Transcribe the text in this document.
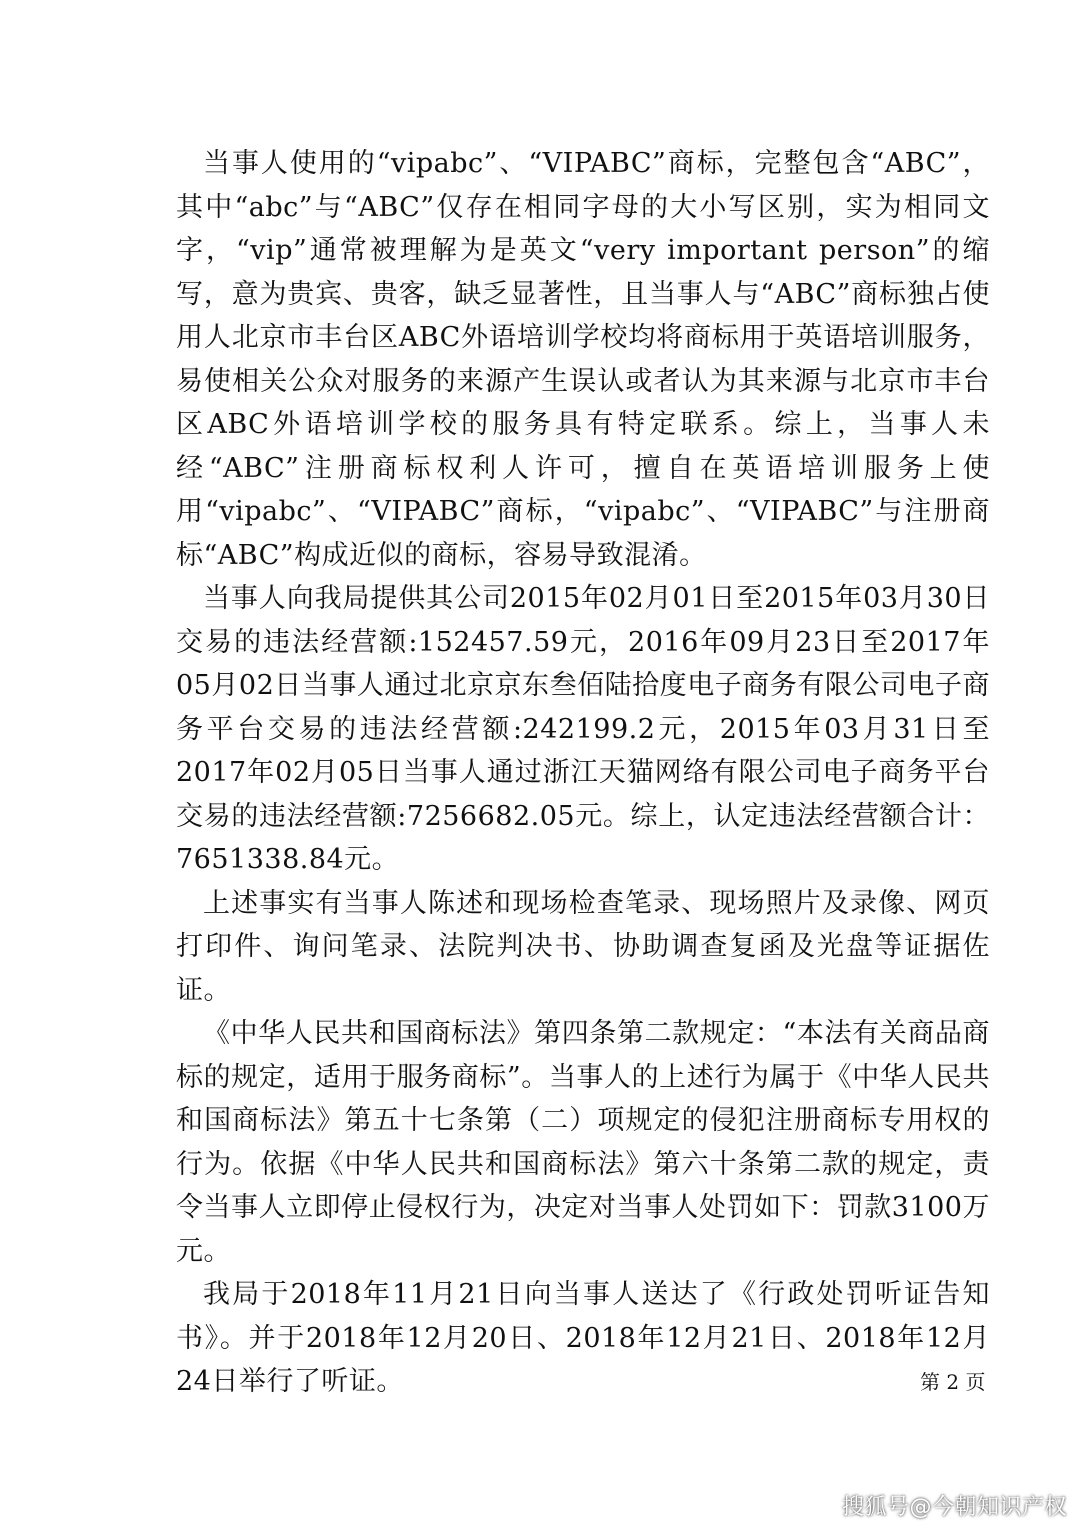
当事人使用的“vipabc”、“VIPABC”商标，完整包含“ABC”，其中“abc”与“ABC”仅存在相同字母的大小写区别，实为相同文字，“vip”通常被理解为是英文“very important person”的缩写，意为贵宾、贵客，缺乏显著性，且当事人与“ABC”商标独占使用人北京市丰台区ABC外语培训学校均将商标用于英语培训服务，易使相关公众对服务的来源产生误认或者认为其来源与北京市丰台区ABC外语培训学校的服务具有特定联系。综上，当事人未经“ABC”注册商标权利人许可，擅自在英语培训服务上使用“vipabc”、“VIPABC”商标，“vipabc”、“VIPABC”与注册商标“ABC”构成近似的商标，容易导致混淆。

当事人向我局提供其公司2015年02月01日至2015年03月30日交易的违法经营额:152457.59元，2016年09月23日至2017年05月02日当事人通过北京京东叁佰陆拾度电子商务有限公司电子商务平台交易的违法经营额:242199.2元，2015年03月31日至2017年02月05日当事人通过浙江天猫网络有限公司电子商务平台交易的违法经营额:7256682.05元。综上，认定违法经营额合计：7651338.84元。

上述事实有当事人陈述和现场检查笔录、现场照片及录像、网页打印件、询问笔录、法院判决书、协助调查复函及光盘等证据佐证。

《中华人民共和国商标法》第四条第二款规定：“本法有关商品商标的规定，适用于服务商标”。当事人的上述行为属于《中华人民共和国商标法》第五十七条第（二）项规定的侵犯注册商标专用权的行为。依据《中华人民共和国商标法》第六十条第二款的规定，责令当事人立即停止侵权行为，决定对当事人处罚如下：罚款3100万元。

我局于2018年11月21日向当事人送达了《行政处罚听证告知书》。并于2018年12月20日、2018年12月21日、2018年12月24日举行了听证。	第 2 页
搜狐号@今朝知识产权
